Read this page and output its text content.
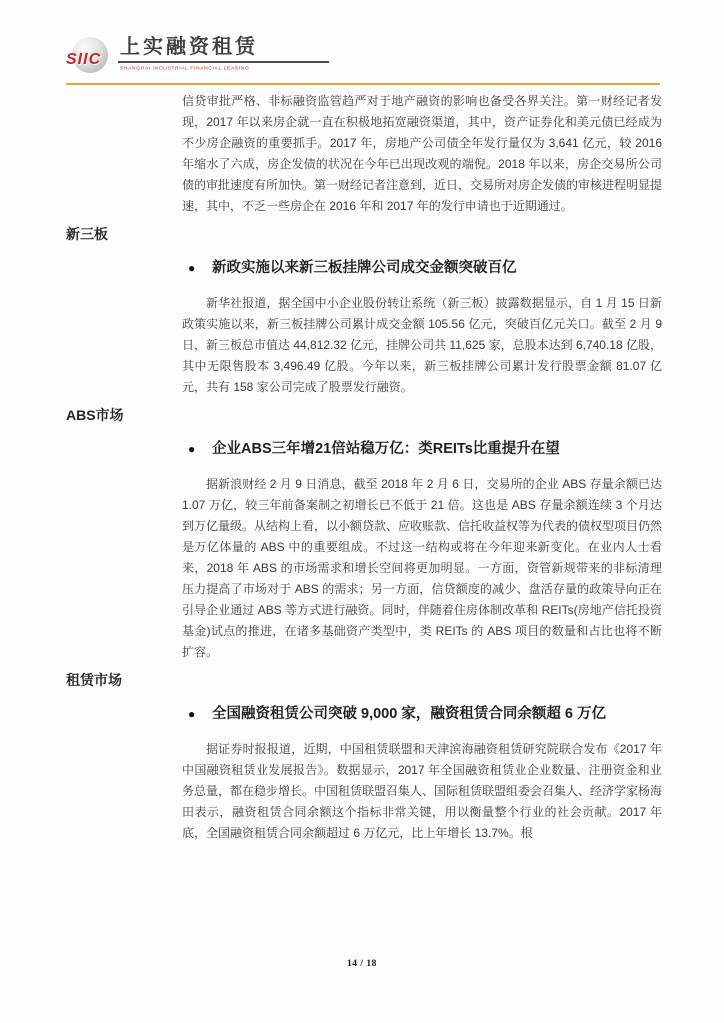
SIIC
上实融资租赁
SHANGHAI INDUSTRIAL FINANCIAL LEASING

信贷审批严格、非标融资监管趋严对于地产融资的影响也备受各界关注。第一财经记者发现，2017 年以来房企就一直在积极地拓宽融资渠道，其中，资产证券化和美元债已经成为不少房企融资的重要抓手。2017 年，房地产公司债全年发行量仅为 3,641 亿元，较 2016 年缩水了六成，房企发债的状况在今年已出现改观的端倪。2018 年以来，房企交易所公司债的审批速度有所加快。第一财经记者注意到，近日，交易所对房企发债的审核进程明显提速，其中，不乏一些房企在 2016 年和 2017 年的发行申请也于近期通过。

新三板
●	新政实施以来新三板挂牌公司成交金额突破百亿

新华社报道，据全国中小企业股份转让系统（新三板）披露数据显示，自 1 月 15 日新政策实施以来，新三板挂牌公司累计成交金额 105.56 亿元，突破百亿元关口。截至 2 月 9 日，新三板总市值达 44,812.32 亿元，挂牌公司共 11,625 家，总股本达到 6,740.18 亿股，其中无限售股本 3,496.49 亿股。今年以来，新三板挂牌公司累计发行股票金额 81.07 亿元，共有 158 家公司完成了股票发行融资。

ABS市场
●	企业ABS三年增21倍站稳万亿：类REITs比重提升在望

据新浪财经 2 月 9 日消息，截至 2018 年 2 月 6 日，交易所的企业 ABS 存量余额已达 1.07 万亿，较三年前备案制之初增长已不低于 21 倍。这也是 ABS 存量余额连续 3 个月达到万亿量级。从结构上看，以小额贷款、应收账款、信托收益权等为代表的债权型项目仍然是万亿体量的 ABS 中的重要组成。不过这一结构或将在今年迎来新变化。在业内人士看来，2018 年 ABS 的市场需求和增长空间将更加明显。一方面，资管新规带来的非标清理压力提高了市场对于 ABS 的需求；另一方面，信贷额度的减少、盘活存量的政策导向正在引导企业通过 ABS 等方式进行融资。同时，伴随着住房体制改革和 REITs(房地产信托投资基金)试点的推进，在诸多基础资产类型中，类 REITs 的 ABS 项目的数量和占比也将不断扩容。

租赁市场
●	全国融资租赁公司突破 9,000 家，融资租赁合同余额超 6 万亿

据证券时报报道，近期，中国租赁联盟和天津滨海融资租赁研究院联合发布《2017 年中国融资租赁业发展报告》。数据显示，2017 年全国融资租赁业企业数量、注册资金和业务总量，都在稳步增长。中国租赁联盟召集人、国际租赁联盟组委会召集人、经济学家杨海田表示，融资租赁合同余额这个指标非常关键，用以衡量整个行业的社会贡献。2017 年底，全国融资租赁合同余额超过 6 万亿元，比上年增长 13.7%。根

14 / 18
